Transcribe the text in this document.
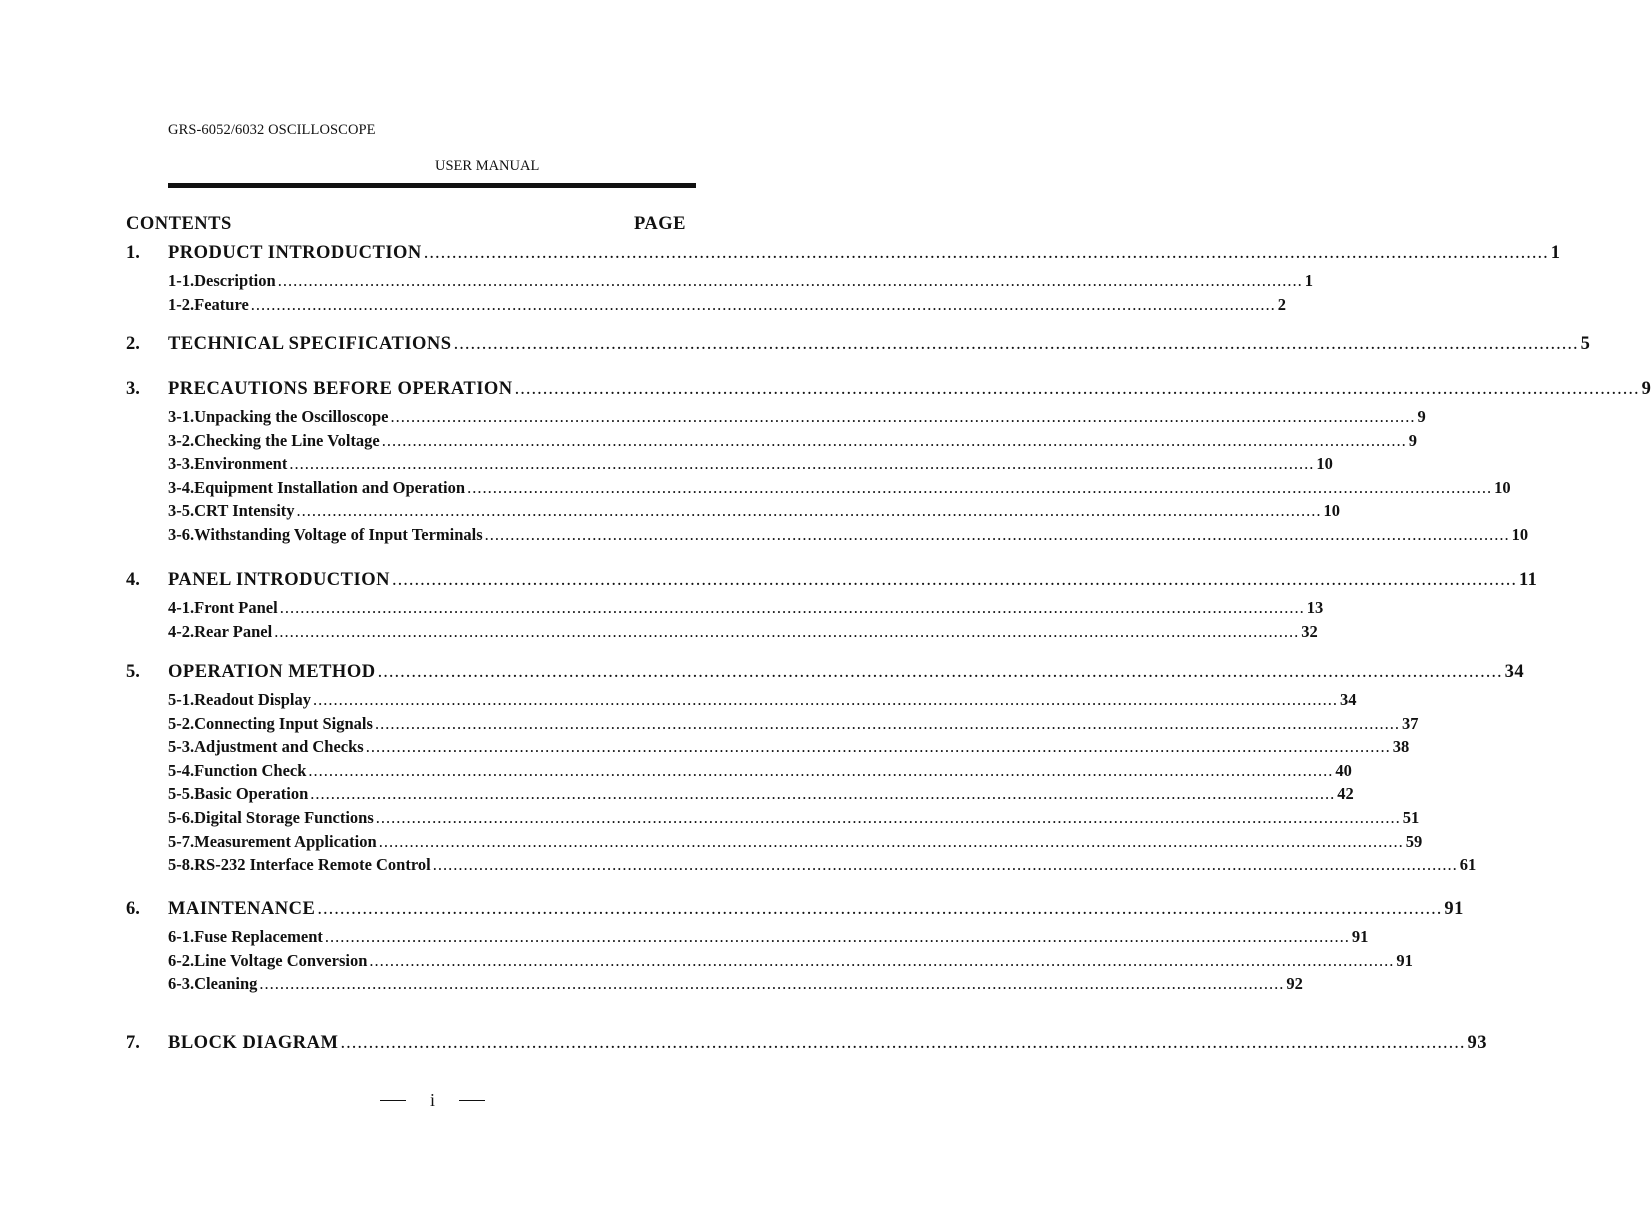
GRS-6052/6032 OSCILLOSCOPE
USER MANUAL
CONTENTS	PAGE
1. PRODUCT INTRODUCTION ........................................................................................................................................................................................................ 1
1-1.Description ........................................................................................................................................................................................................ 1
1-2.Feature ........................................................................................................................................................................................................ 2
2. TECHNICAL SPECIFICATIONS ........................................................................................................................................................................................................ 5
3. PRECAUTIONS BEFORE OPERATION ........................................................................................................................................................................................................ 9
3-1.Unpacking the Oscilloscope ........................................................................................................................................................................................................ 9
3-2.Checking the Line Voltage ........................................................................................................................................................................................................ 9
3-3.Environment ........................................................................................................................................................................................................ 10
3-4.Equipment Installation and Operation ........................................................................................................................................................................................................ 10
3-5.CRT Intensity ........................................................................................................................................................................................................ 10
3-6.Withstanding Voltage of Input Terminals ........................................................................................................................................................................................................ 10
4. PANEL INTRODUCTION ........................................................................................................................................................................................................ 11
4-1.Front Panel ........................................................................................................................................................................................................ 13
4-2.Rear Panel ........................................................................................................................................................................................................ 32
5. OPERATION METHOD ........................................................................................................................................................................................................ 34
5-1.Readout Display ........................................................................................................................................................................................................ 34
5-2.Connecting Input Signals ........................................................................................................................................................................................................ 37
5-3.Adjustment and Checks ........................................................................................................................................................................................................ 38
5-4.Function Check ........................................................................................................................................................................................................ 40
5-5.Basic Operation ........................................................................................................................................................................................................ 42
5-6.Digital Storage Functions ........................................................................................................................................................................................................ 51
5-7.Measurement Application ........................................................................................................................................................................................................ 59
5-8.RS-232 Interface Remote Control ........................................................................................................................................................................................................ 61
6. MAINTENANCE ........................................................................................................................................................................................................ 91
6-1.Fuse Replacement ........................................................................................................................................................................................................ 91
6-2.Line Voltage Conversion ........................................................................................................................................................................................................ 91
6-3.Cleaning ........................................................................................................................................................................................................ 92
7. BLOCK DIAGRAM ........................................................................................................................................................................................................ 93
i
